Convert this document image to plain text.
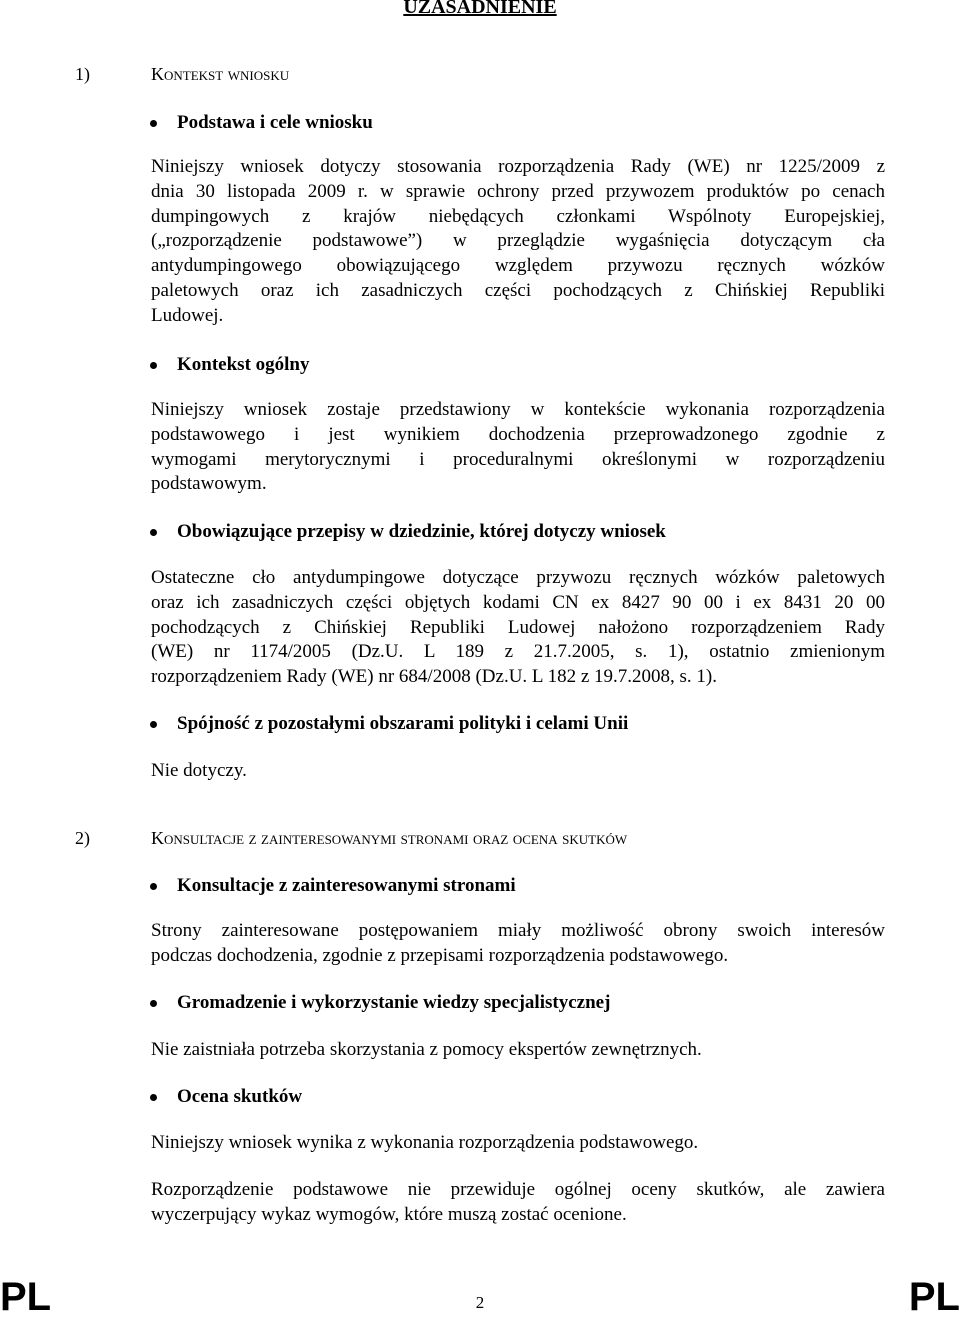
UZASADNIENIE
1)	Kontekst wniosku
Podstawa i cele wniosku
Niniejszy wniosek dotyczy stosowania rozporządzenia Rady (WE) nr 1225/2009 z
dnia 30 listopada 2009 r. w sprawie ochrony przed przywozem produktów po cenach
dumpingowych z krajów niebędących członkami Wspólnoty Europejskiej,
(„rozporządzenie podstawowe”) w przeglądzie wygaśnięcia dotyczącym cła
antydumpingowego obowiązującego względem przywozu ręcznych wózków
paletowych oraz ich zasadniczych części pochodzących z Chińskiej Republiki
Ludowej.
Kontekst ogólny
Niniejszy wniosek zostaje przedstawiony w kontekście wykonania rozporządzenia
podstawowego i jest wynikiem dochodzenia przeprowadzonego zgodnie z
wymogami merytorycznymi i proceduralnymi określonymi w rozporządzeniu
podstawowym.
Obowiązujące przepisy w dziedzinie, której dotyczy wniosek
Ostateczne cło antydumpingowe dotyczące przywozu ręcznych wózków paletowych
oraz ich zasadniczych części objętych kodami CN ex 8427 90 00 i ex 8431 20 00
pochodzących z Chińskiej Republiki Ludowej nałożono rozporządzeniem Rady
(WE) nr 1174/2005 (Dz.U. L 189 z 21.7.2005, s. 1), ostatnio zmienionym
rozporządzeniem Rady (WE) nr 684/2008 (Dz.U. L 182 z 19.7.2008, s. 1).
Spójność z pozostałymi obszarami polityki i celami Unii
Nie dotyczy.
2)	Konsultacje z zainteresowanymi stronami oraz ocena skutków
Konsultacje z zainteresowanymi stronami
Strony zainteresowane postępowaniem miały możliwość obrony swoich interesów
podczas dochodzenia, zgodnie z przepisami rozporządzenia podstawowego.
Gromadzenie i wykorzystanie wiedzy specjalistycznej
Nie zaistniała potrzeba skorzystania z pomocy ekspertów zewnętrznych.
Ocena skutków
Niniejszy wniosek wynika z wykonania rozporządzenia podstawowego.
Rozporządzenie podstawowe nie przewiduje ogólnej oceny skutków, ale zawiera
wyczerpujący wykaz wymogów, które muszą zostać ocenione.
PL	2	PL
